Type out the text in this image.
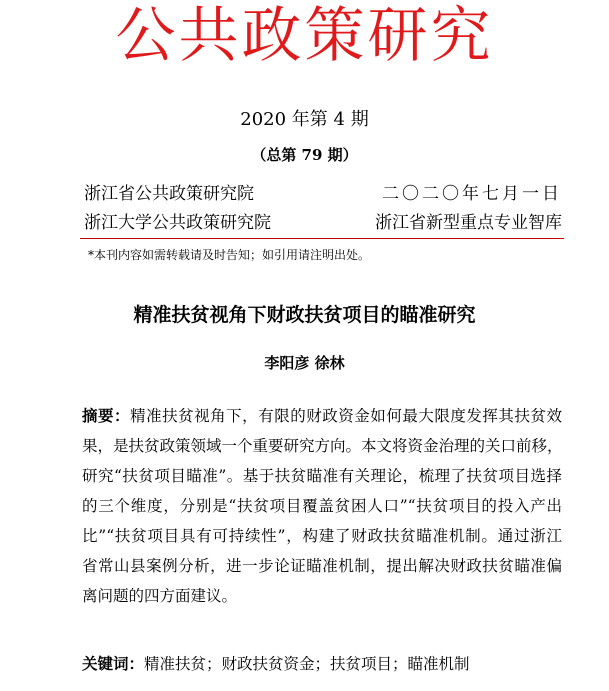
公共政策研究
2020 年第 4 期
（总第 79 期）
浙江省公共政策研究院	二〇二〇年七月一日
浙江大学公共政策研究院	浙江省新型重点专业智库
*本刊内容如需转载请及时告知；如引用请注明出处。
精准扶贫视角下财政扶贫项目的瞄准研究
李阳彦 徐林
摘要：精准扶贫视角下，有限的财政资金如何最大限度发挥其扶贫效
果，是扶贫政策领域一个重要研究方向。本文将资金治理的关口前移，
研究“扶贫项目瞄准”。基于扶贫瞄准有关理论，梳理了扶贫项目选择
的三个维度，分别是“扶贫项目覆盖贫困人口”“扶贫项目的投入产出
比”“扶贫项目具有可持续性”，构建了财政扶贫瞄准机制。通过浙江
省常山县案例分析，进一步论证瞄准机制，提出解决财政扶贫瞄准偏
离问题的四方面建议。
关键词：精准扶贫；财政扶贫资金；扶贫项目；瞄准机制
